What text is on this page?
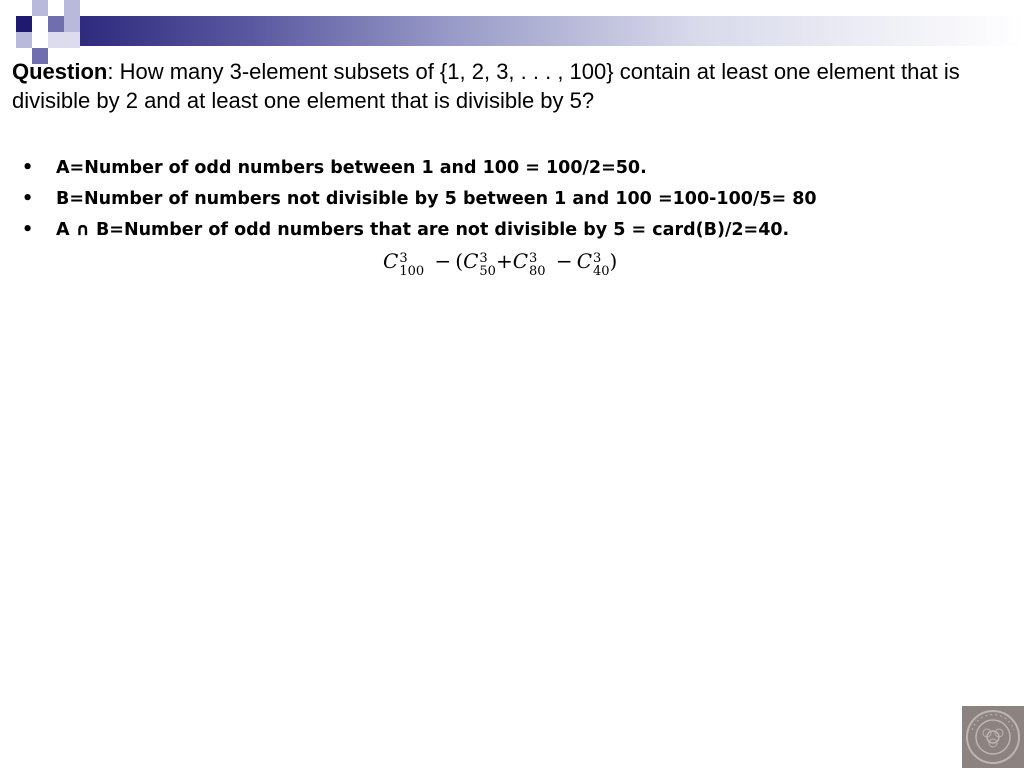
Question: How many 3-element subsets of {1, 2, 3, . . . , 100} contain at least one element that is divisible by 2 and at least one element that is divisible by 5?
• A=Number of odd numbers between 1 and 100 = 100/2=50.
• B=Number of numbers not divisible by 5 between 1 and 100 =100-100/5= 80
• A ∩ B=Number of odd numbers that are not divisible by 5 = card(B)/2=40.
C 3
100 − (C 3
50 +C 3
80 − C 3
40 )
